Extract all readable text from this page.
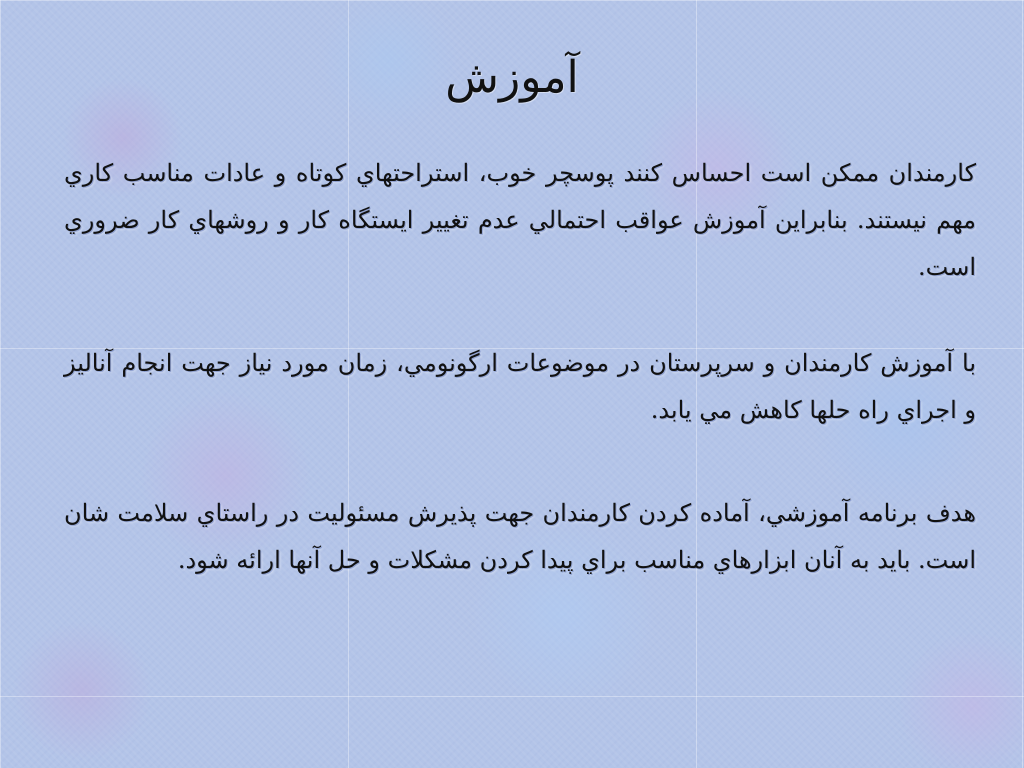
آموزش

كارمندان ممكن است احساس كنند پوسچر خوب، استراحتهاي كوتاه و عادات مناسب كاري مهم نيستند. بنابراين آموزش عواقب احتمالي عدم تغيير ايستگاه كار و روشهاي كار ضروري است.

با آموزش كارمندان و سرپرستان در موضوعات ارگونومي، زمان مورد نياز جهت انجام آناليز و اجراي راه حلها كاهش مي يابد.

هدف برنامه آموزشي، آماده كردن كارمندان جهت پذيرش مسئوليت در راستاي سلامت شان است. بايد به آنان ابزارهاي مناسب براي پيدا كردن مشكلات و حل آنها ارائه شود.
